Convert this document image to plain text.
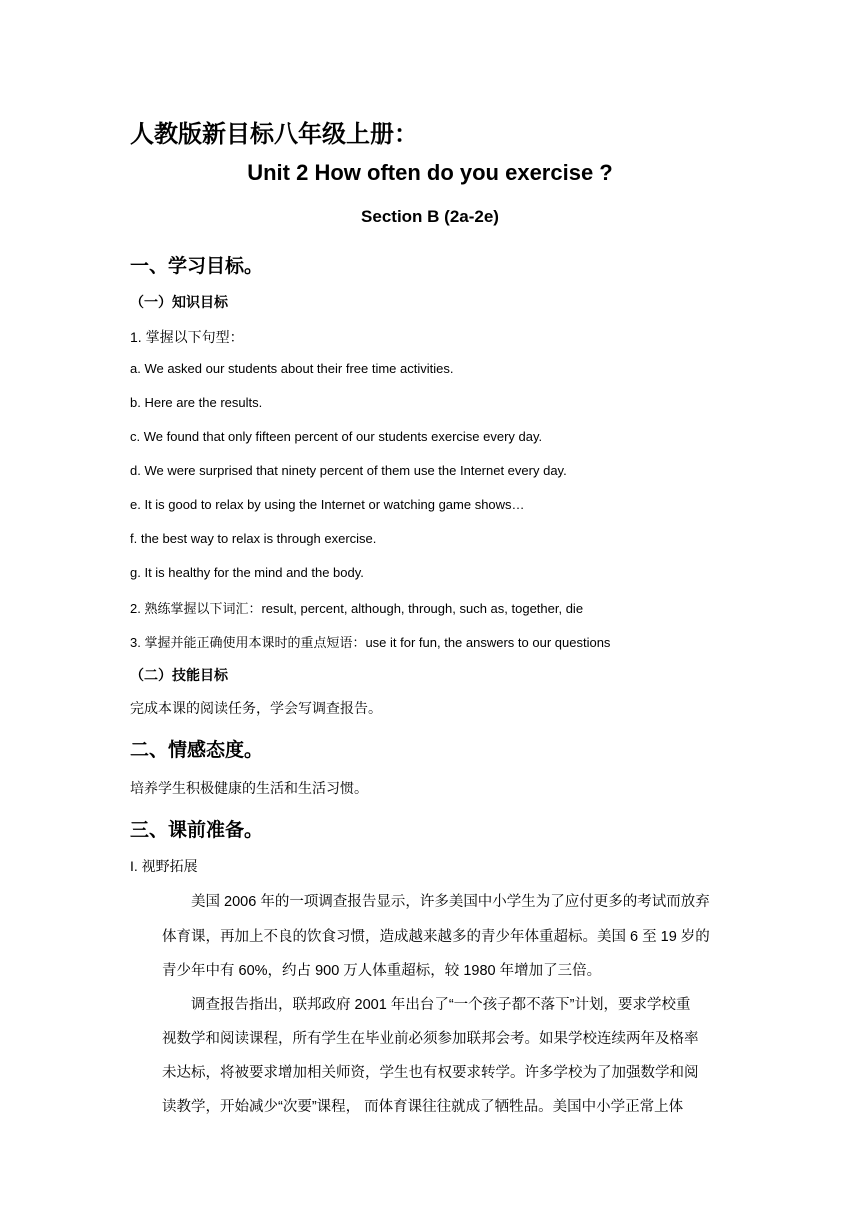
人教版新目标八年级上册：
Unit 2 How often do you exercise ?
Section B (2a-2e)
一、学习目标。
（一）知识目标
1. 掌握以下句型：
a. We asked our students about their free time activities.
b. Here are the results.
c. We found that only fifteen percent of our students exercise every day.
d. We were surprised that ninety percent of them use the Internet every day.
e. It is good to relax by using the Internet or watching game shows…
f. the best way to relax is through exercise.
g. It is healthy for the mind and the body.
2. 熟练掌握以下词汇：result, percent, although, through, such as, together, die
3. 掌握并能正确使用本课时的重点短语：use it for fun, the answers to our questions
（二）技能目标
完成本课的阅读任务，学会写调查报告。
二、情感态度。
培养学生积极健康的生活和生活习惯。
三、课前准备。
I. 视野拓展
美国 2006 年的一项调查报告显示，许多美国中小学生为了应付更多的考试而放弃
体育课，再加上不良的饮食习惯，造成越来越多的青少年体重超标。美国 6 至 19 岁的
青少年中有 60%，约占 900 万人体重超标，较 1980 年增加了三倍。
调查报告指出，联邦政府 2001 年出台了“一个孩子都不落下”计划，要求学校重
视数学和阅读课程，所有学生在毕业前必须参加联邦会考。如果学校连续两年及格率
未达标，将被要求增加相关师资，学生也有权要求转学。许多学校为了加强数学和阅
读教学，开始减少“次要”课程， 而体育课往往就成了牺牲品。美国中小学正常上体
